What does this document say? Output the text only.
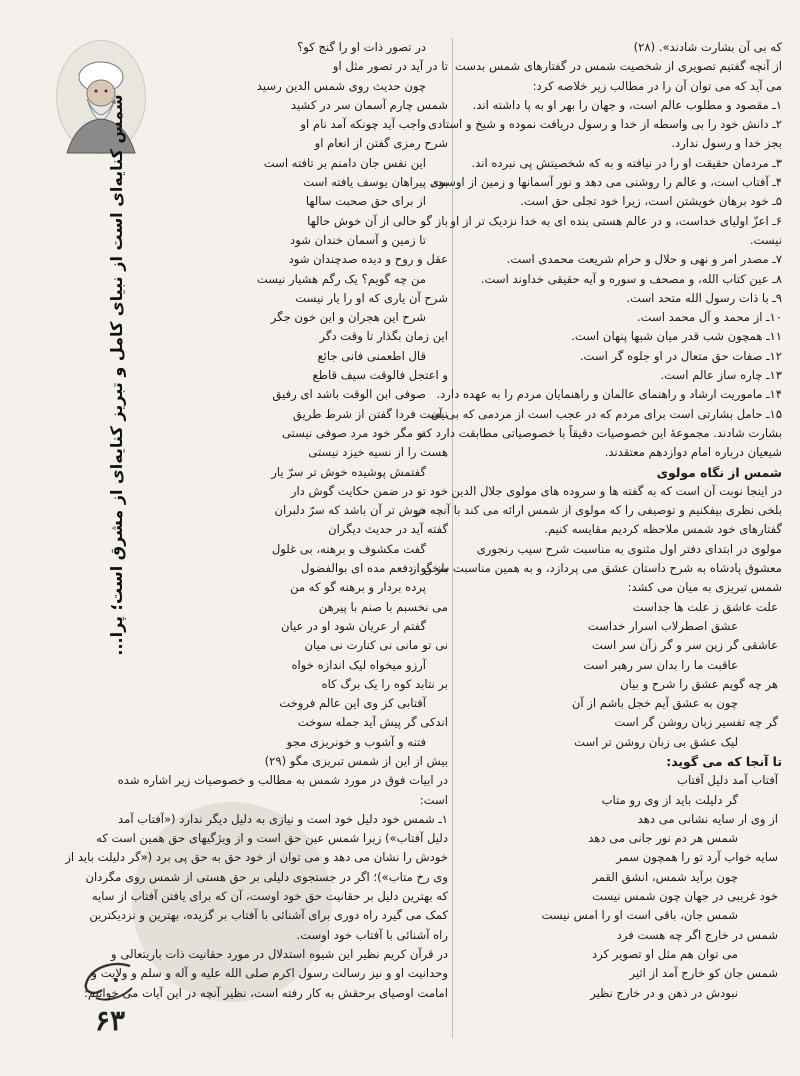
شمس کنایه‌ای است از نبیای کامل و تبریز کنایه‌ای از مشرق است؛ پرا...
۶۳
که بی آن بشارت شادند». (۲۸)
از آنچه گفتیم تصویری از شخصیت شمس در گفتارهای شمس بدست
می آید که می توان آن را در مطالب زیر خلاصه کرد:
۱ـ مقصود و مطلوب عالم است، و جهان را بهر او به پا داشته اند.
۲ـ دانش خود را بی واسطه از خدا و رسول دریافت نموده و شیخ و استادی
بجز خدا و رسول ندارد.
۳ـ مردمان حقیقت او را در نیافته و به که شخصیتش پی نبرده اند.
۴ـ آفتاب است، و عالم را روشنی می دهد و نور آسمانها و زمین از اوست.
۵ـ خود برهان خویشتن است، زیرا خود تجلی حق است.
۶ـ اعزّ اولیای خداست، و در عالم هستی بنده ای به خدا نزدیک تر از او
نیست.
۷ـ مصدر امر و نهی و حلال و حرام شریعت محمدی است.
۸ـ عین کتاب الله، و مصحف و سوره و آیه حقیقی خداوند است.
۹ـ با ذات رسول الله متحد است.
۱۰ـ از محمد و آل محمد است.
۱۱ـ همچون شب قدر میان شبها پنهان است.
۱۲ـ صفات حق متعال در او جلوه گر است.
۱۳ـ چاره ساز عالم است.
۱۴ـ ماموریت ارشاد و راهنمای عالمان و راهنمایان مردم را به عهده دارد.
۱۵ـ حامل بشارتی است برای مردم که در عجب است از مردمی که بی آن
بشارت شادند. مجموعۀ این خصوصیات دقیقاً با خصوصیاتی مطابقت دارد که
شیعیان درباره امام دوازدهم معتقدند.
شمس از نگاه مولوی
در اینجا نوبت آن است که به گفته ها و سروده های مولوی جلال الدین
بلخی نظری بیفکنیم و توصیفی را که مولوی از شمس ارائه می کند با آنچه در
گفتارهای خود شمس ملاحظه کردیم مقایسه کنیم.
مولوی در ابتدای دفتر اول مثنوی به مناسبت شرح سیب رنجوری
معشوق پادشاه به شرح داستان عشق می پردازد، و به همین مناسبت سخن از
شمس تبریزی به میان می کشد:
علت عاشق ز علت ها جداست
عشق اصطرلاب اسرار خداست
عاشقی گر زین سر و گر زآن سر است
عاقبت ما را بدان سر رهبر است
هر چه گویم عشق را شرح و بیان
چون به عشق آیم خجل باشم از آن
گر چه تفسیر زبان روشن گر است
لیک عشق بی زبان روشن تر است
تا آنجا که می گوید:
آفتاب آمد دلیل آفتاب
گر دلیلت باید از وی رو متاب
از وی ار سایه نشانی می دهد
شمس هر دم نور جانی می دهد
سایه خواب آرد تو را همچون سمر
چون برآید شمس، انشق القمر
خود غریبی در جهان چون شمس نیست
شمس جان، باقی است او را امس نیست
شمس در خارج اگر چه هست فرد
می توان هم مثل او تصویر کرد
شمس جان کو خارج آمد از اثیر
نبودش در ذهن و در خارج نظیر
در تصور ذات او را گنج کو؟
تا در آید در تصور مثل او
چون حدیث روی شمس الدین رسید
شمس چارم آسمان سر در کشید
واجب آید چونکه آمد نام او
شرح رمزی گفتن از انعام او
این نفس جان دامنم بر تافته است
بوی پیراهان یوسف یافته است
از برای حق صحبت سالها
باز گو حالی از آن خوش حالها
تا زمین و آسمان خندان شود
عقل و روح و دیده صدچندان شود
من چه گویم؟ یک رگم هشیار نیست
شرح آن یاری که او را یار نیست
شرح این هجران و این خون جگر
این زمان بگذار تا وقت دگر
قال اطعمنی فانی جائع
و اعتجل فالوقت سیف قاطع
صوفی ابن الوقت باشد ای رفیق
نیست فردا گفتن از شرط طریق
تو مگر خود مرد صوفی نیستی
هست را از نسیه خیزد نیستی
گفتمش پوشیده خوش تر سرّ یار
خود تو در ضمن حکایت گوش دار
خوش تر آن باشد که سرّ دلبران
گفته آید در حدیث دیگران
گفت مکشوف و برهنه، بی غلول
باز گو. دفعم مده ای بوالفضول
پرده بردار و برهنه گو که من
می نخسبم با صنم با پیرهن
گفتم ار عریان شود او در عیان
نی تو مانی نی کنارت نی میان
آرزو میخواه لیک اندازه خواه
بر نتابد کوه را یک برگ کاه
آفتابی کز وی این عالم فروخت
اندکی گر پیش آید جمله سوخت
فتنه و آشوب و خونریزی مجو
بیش از این از شمس تبریزی مگو (۲۹)
در ابیات فوق در مورد شمس به مطالب و خصوصیات زیر اشاره شده
است:
۱ـ شمس خود دلیل خود است و نیازی به دلیل دیگر ندارد («آفتاب آمد
دلیل آفتاب») زیرا شمس عین حق است و از ویژگیهای حق همین است که
خودش را نشان می دهد و می توان از خود حق به حق پی برد («گر دلیلت باید از
وی رخ متاب»)؛ اگر در جستجوی دلیلی بر حق هستی از شمس روی مگردان
که بهترین دلیل بر حقانیت حق خود اوست، آن که برای یافتن آفتاب از سایه
کمک می گیرد راه دوری برای آشنائی با آفتاب بر گزیده، بهترین و نزدیکترین
راه آشنائی با آفتاب خود اوست.
در قرآن کریم نظیر این شیوه استدلال در مورد حقانیت ذات باریتعالی و
وحدانیت او و نیز رسالت رسول اکرم صلی الله علیه و آله و سلم و ولایت و
امامت اوصیای برحقش به کار رفته است، نظیر آنچه در این آیات می خوانیم:
